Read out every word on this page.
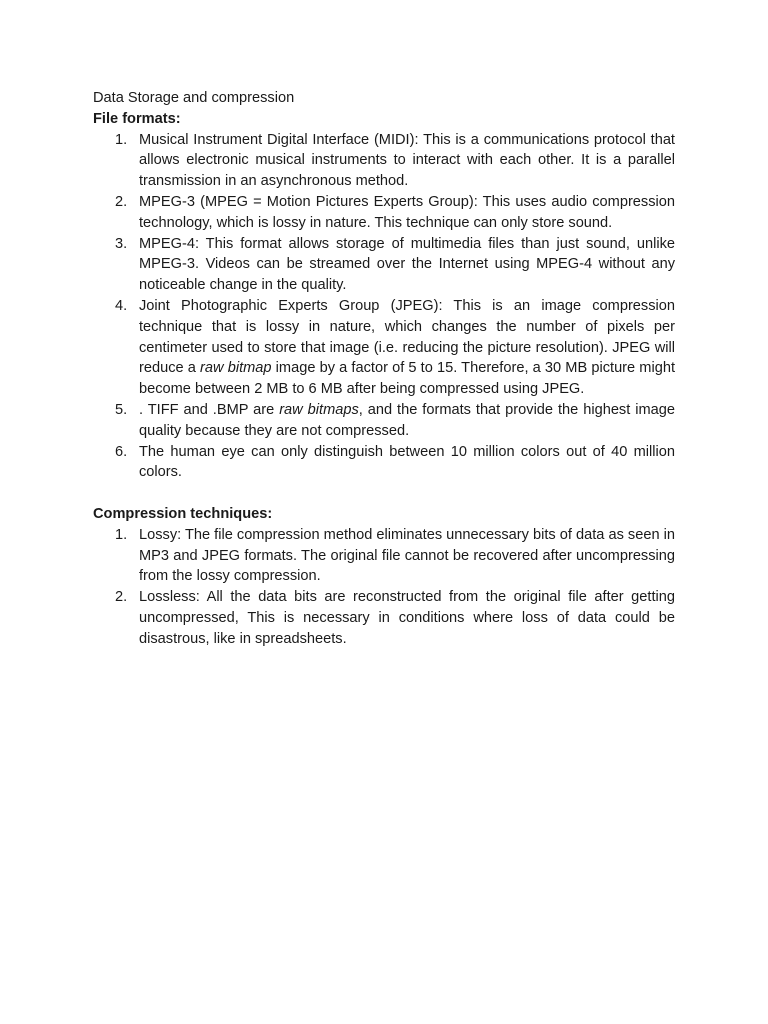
Data Storage and compression

File formats:

1. Musical Instrument Digital Interface (MIDI): This is a communications protocol that allows electronic musical instruments to interact with each other. It is a parallel transmission in an asynchronous method.
2. MPEG-3 (MPEG = Motion Pictures Experts Group): This uses audio compression technology, which is lossy in nature. This technique can only store sound.
3. MPEG-4: This format allows storage of multimedia files than just sound, unlike MPEG-3. Videos can be streamed over the Internet using MPEG-4 without any noticeable change in the quality.
4. Joint Photographic Experts Group (JPEG): This is an image compression technique that is lossy in nature, which changes the number of pixels per centimeter used to store that image (i.e. reducing the picture resolution). JPEG will reduce a raw bitmap image by a factor of 5 to 15. Therefore, a 30 MB picture might become between 2 MB to 6 MB after being compressed using JPEG.
5. . TIFF and .BMP are raw bitmaps, and the formats that provide the highest image quality because they are not compressed.
6. The human eye can only distinguish between 10 million colors out of 40 million colors.

Compression techniques:

1. Lossy: The file compression method eliminates unnecessary bits of data as seen in MP3 and JPEG formats. The original file cannot be recovered after uncompressing from the lossy compression.
2. Lossless: All the data bits are reconstructed from the original file after getting uncompressed, This is necessary in conditions where loss of data could be disastrous, like in spreadsheets.
